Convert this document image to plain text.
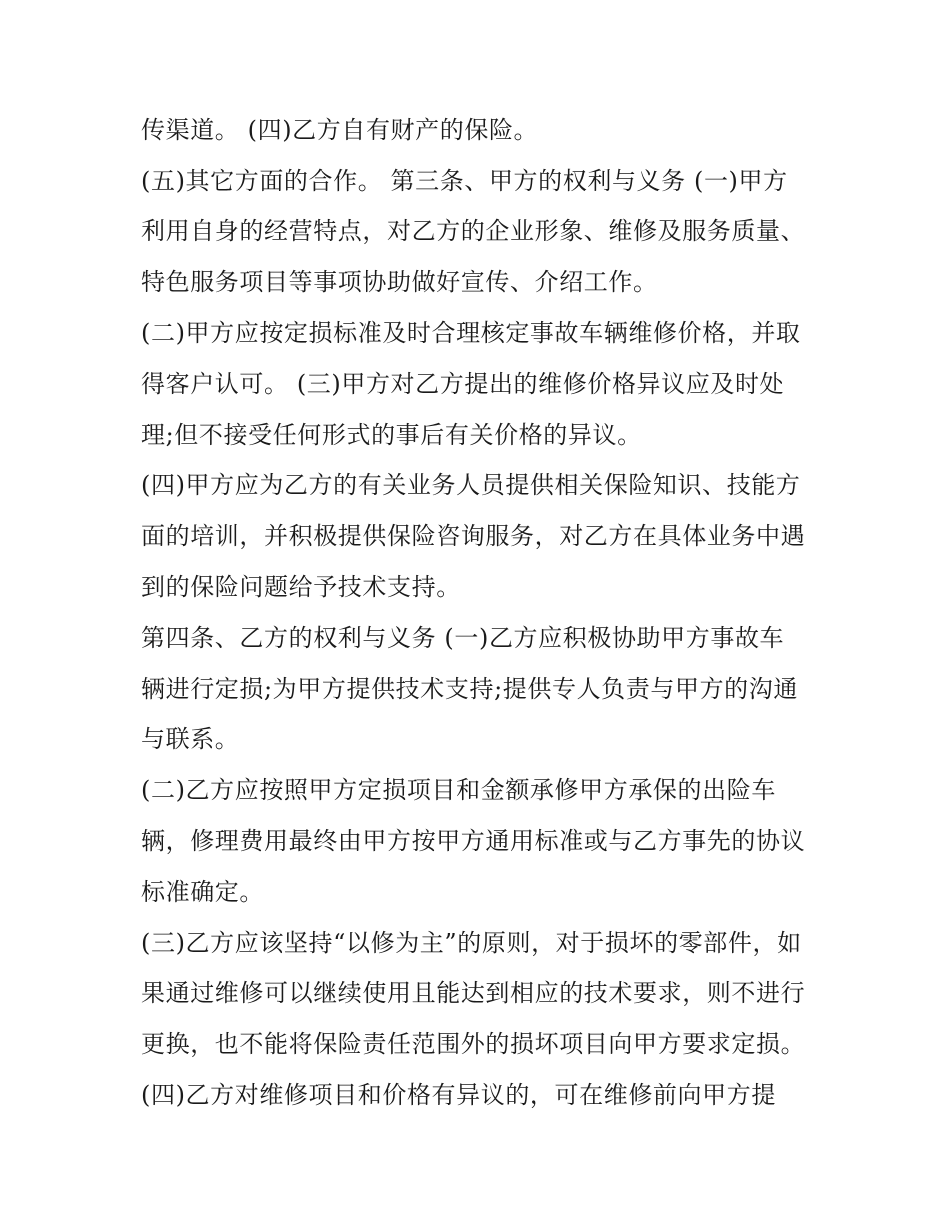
传渠道。 (四)乙方自有财产的保险。
(五)其它方面的合作。 第三条、甲方的权利与义务 (一)甲方
利用自身的经营特点，对乙方的企业形象、维修及服务质量、
特色服务项目等事项协助做好宣传、介绍工作。
(二)甲方应按定损标准及时合理核定事故车辆维修价格，并取
得客户认可。 (三)甲方对乙方提出的维修价格异议应及时处
理;但不接受任何形式的事后有关价格的异议。
(四)甲方应为乙方的有关业务人员提供相关保险知识、技能方
面的培训，并积极提供保险咨询服务，对乙方在具体业务中遇
到的保险问题给予技术支持。
第四条、乙方的权利与义务 (一)乙方应积极协助甲方事故车
辆进行定损;为甲方提供技术支持;提供专人负责与甲方的沟通
与联系。
(二)乙方应按照甲方定损项目和金额承修甲方承保的出险车
辆，修理费用最终由甲方按甲方通用标准或与乙方事先的协议
标准确定。
(三)乙方应该坚持“以修为主”的原则，对于损坏的零部件，如
果通过维修可以继续使用且能达到相应的技术要求，则不进行
更换，也不能将保险责任范围外的损坏项目向甲方要求定损。
(四)乙方对维修项目和价格有异议的，可在维修前向甲方提
